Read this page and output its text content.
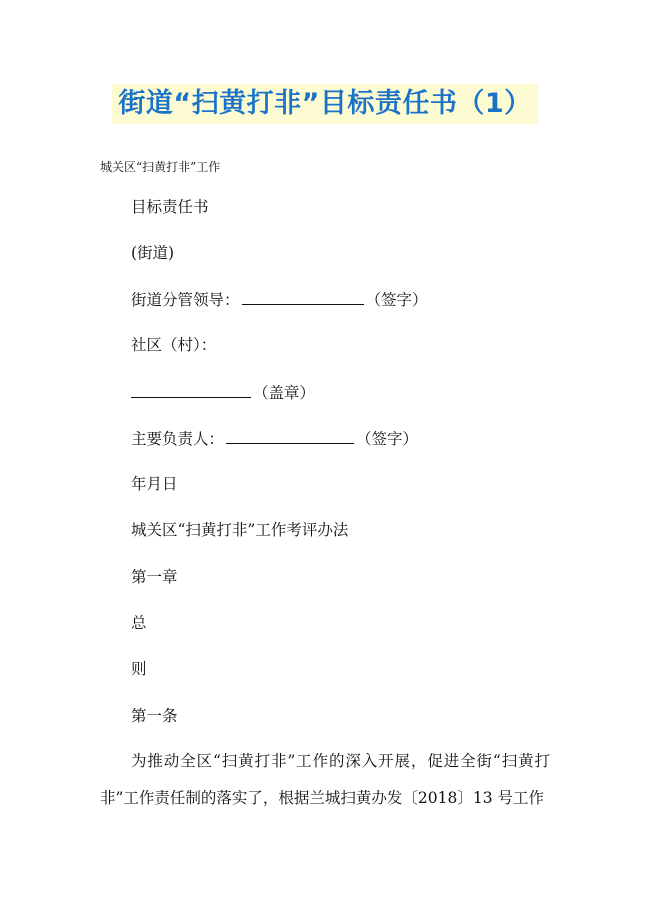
街道“扫黄打非”目标责任书（1）
城关区“扫黄打非”工作
目标责任书
(街道)
街道分管领导：	（签字）
社区（村）：
（盖章）
主要负责人：	（签字）
年月日
城关区“扫黄打非”工作考评办法
第一章
总
则
第一条
为推动全区“扫黄打非”工作的深入开展，促进全街“扫黄打非”工作责任制的落实了，根据兰城扫黄办发〔2018〕13 号工作
